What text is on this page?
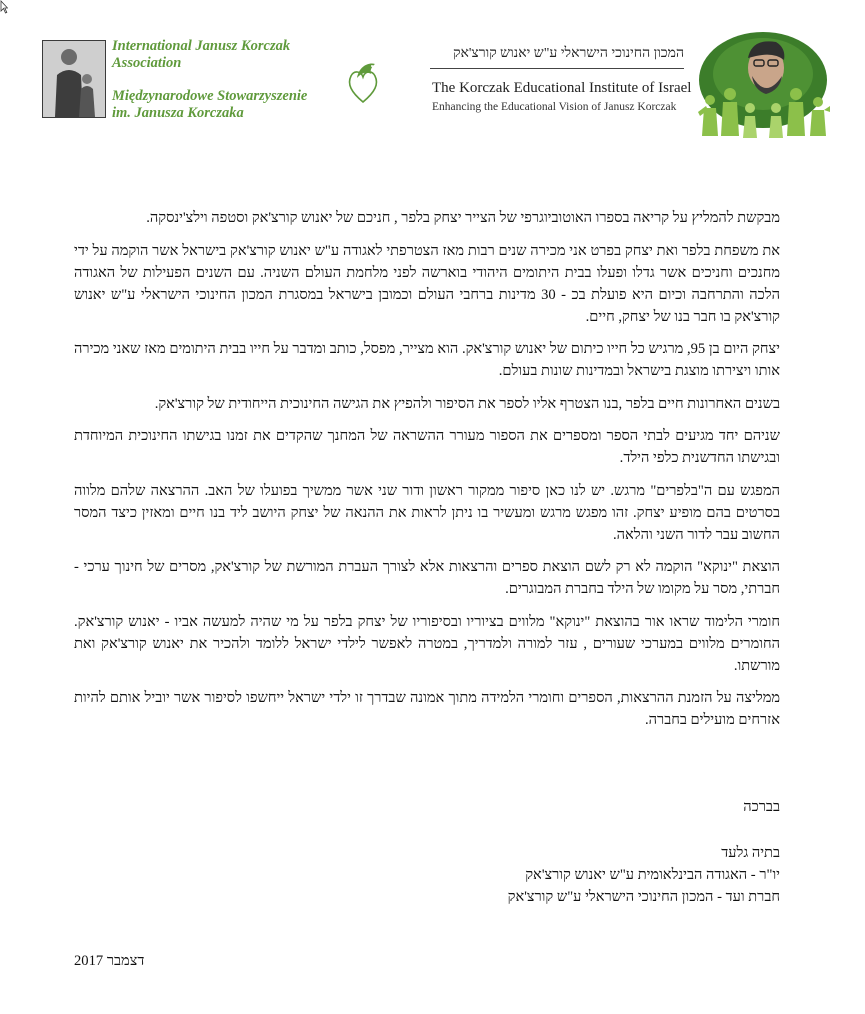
International Janusz Korczak
Association
Międzynarodowe Stowarzyszenie
im. Janusza Korczaka
המכון החינוכי הישראלי ע"ש יאנוש קורצ'אק
The Korczak Educational Institute of Israel
Enhancing the Educational Vision of Janusz Korczak

מבקשת להמליץ על קריאה בספרו האוטוביוגרפי של הצייר יצחק בלפר , חניכם של יאנוש קורצ'אק וסטפה וילצ'ינסקה.

את משפחת בלפר ואת יצחק בפרט אני מכירה שנים רבות מאז הצטרפתי לאגודה ע"ש יאנוש קורצ'אק בישראל אשר הוקמה על ידי מחנכים וחניכים אשר גדלו ופעלו בבית היתומים היהודי בוארשה לפני מלחמת העולם השניה. עם השנים הפעילות של האגודה הלכה והתרחבה וכיום היא פועלת בכ - 30 מדינות ברחבי העולם וכמובן בישראל במסגרת המכון החינוכי הישראלי ע"ש יאנוש קורצ'אק בו חבר בנו של יצחק, חיים.

יצחק היום בן 95, מרגיש כל חייו כיתום של יאנוש קורצ'אק. הוא מצייר, מפסל, כותב ומדבר על חייו בבית היתומים מאז שאני מכירה אותו ויצירתו מוצגת בישראל ובמדינות שונות בעולם.

בשנים האחרונות חיים בלפר ,בנו הצטרף אליו לספר את הסיפור ולהפיץ את הגישה החינוכית הייחודית של קורצ'אק.

שניהם יחד מגיעים לבתי הספר ומספרים את הספור מעורר ההשראה של המחנך שהקדים את זמנו בגישתו החינוכית המיוחדת ובגישתו החדשנית כלפי הילד.

המפגש עם ה"בלפרים" מרגש. יש לנו כאן סיפור ממקור ראשון ודור שני אשר ממשיך בפועלו של האב. ההרצאה שלהם מלווה בסרטים בהם מופיע יצחק. זהו מפגש מרגש ומעשיר בו ניתן לראות את ההנאה של יצחק היושב ליד בנו חיים ומאזין כיצד המסר החשוב עבר לדור השני והלאה.

הוצאת "ינוקא" הוקמה לא רק לשם הוצאת ספרים והרצאות אלא לצורך העברת המורשת של קורצ'אק, מסרים של חינוך ערכי - חברתי, מסר על מקומו של הילד בחברת המבוגרים.

חומרי הלימוד שראו אור בהוצאת "ינוקא" מלווים בציוריו ובסיפוריו של יצחק בלפר על מי שהיה למעשה אביו - יאנוש קורצ'אק. החומרים מלווים במערכי שעורים , עזר למורה ולמדריך, במטרה לאפשר לילדי ישראל ללומד ולהכיר את יאנוש קורצ'אק ואת מורשתו.

ממליצה על הזמנת ההרצאות, הספרים וחומרי הלמידה מתוך אמונה שבדרך זו ילדי ישראל ייחשפו לסיפור אשר יוביל אותם להיות אזרחים מועילים בחברה.

בברכה
בתיה גלעד
יו"ר - האגודה הבינלאומית ע"ש יאנוש קורצ'אק
חברת ועד - המכון החינוכי הישראלי ע"ש קורצ'אק
דצמבר 2017
